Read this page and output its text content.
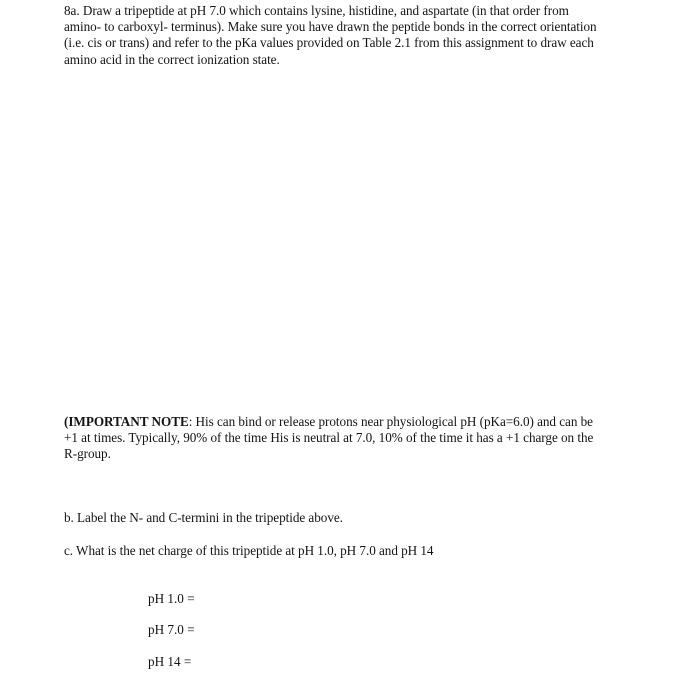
8a. Draw a tripeptide at pH 7.0 which contains lysine, histidine, and aspartate (in that order from
amino- to carboxyl- terminus). Make sure you have drawn the peptide bonds in the correct orientation
(i.e. cis or trans) and refer to the pKa values provided on Table 2.1 from this assignment to draw each
amino acid in the correct ionization state.
(IMPORTANT NOTE: His can bind or release protons near physiological pH (pKa=6.0) and can be
+1 at times. Typically, 90% of the time His is neutral at 7.0, 10% of the time it has a +1 charge on the
R-group.
b. Label the N- and C-termini in the tripeptide above.
c. What is the net charge of this tripeptide at pH 1.0, pH 7.0 and pH 14
pH 1.0 =
pH 7.0 =
pH 14 =
